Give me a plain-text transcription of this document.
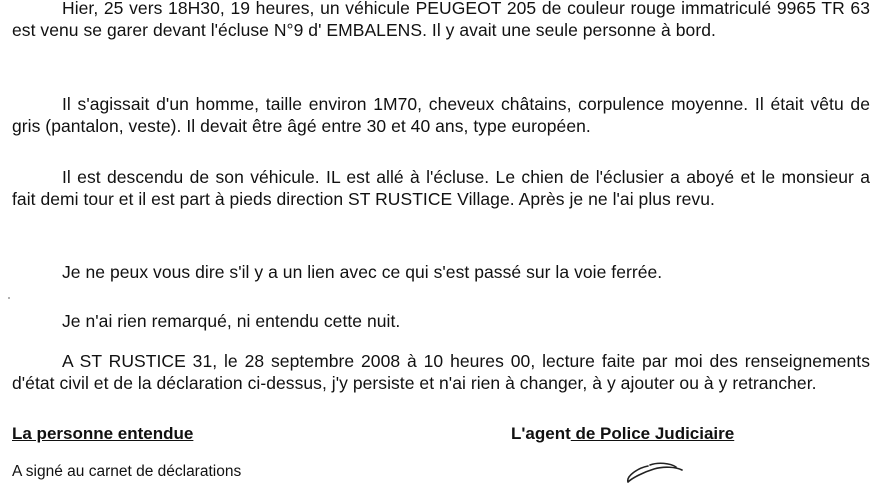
Hier, 25 vers 18H30, 19 heures, un véhicule PEUGEOT 205 de couleur rouge immatriculé 9965 TR 63 est venu se garer devant l'écluse N°9 d' EMBALENS. Il y avait une seule personne à bord.

Il s'agissait d'un homme, taille environ 1M70, cheveux châtains, corpulence moyenne. Il était vêtu de gris (pantalon, veste). Il devait être âgé entre 30 et 40 ans, type européen.

Il est descendu de son véhicule. IL est allé à l'écluse. Le chien de l'éclusier a aboyé et le monsieur a fait demi tour et il est part à pieds direction ST RUSTICE Village. Après je ne l'ai plus revu.

Je ne peux vous dire s'il y a un lien avec ce qui s'est passé sur la voie ferrée.

Je n'ai rien remarqué, ni entendu cette nuit.

A ST RUSTICE 31, le 28 septembre 2008 à 10 heures 00, lecture faite par moi des renseignements d'état civil et de la déclaration ci-dessus, j'y persiste et n'ai rien à changer, à y ajouter ou à y retrancher.

La personne entendue	L'agent de Police Judiciaire
A signé au carnet de déclarations
